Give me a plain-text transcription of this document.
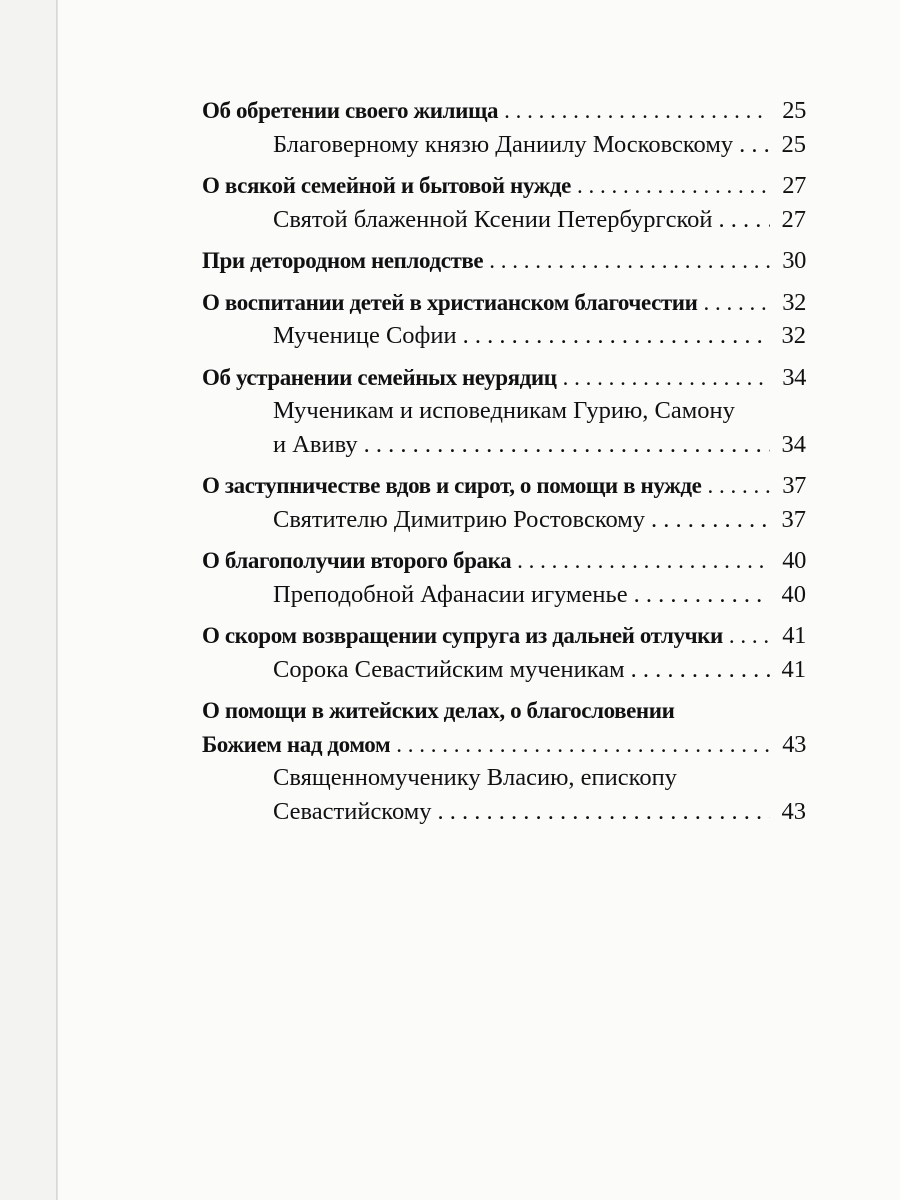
Об обретении своего жилища . . .	25
Благоверному князю Даниилу Московскому . . . 25
О всякой семейной и бытовой нужде . . .	27
Святой блаженной Ксении Петербургской . . .	27
При детородном неплодстве . . .	30
О воспитании детей в христианском благочестии . . .	32
Мученице Софии . . .	32
Об устранении семейных неурядиц . . .	34
Мученикам и исповедникам Гурию, Самону
и Авиву . . .	34
О заступничестве вдов и сирот, о помощи в нужде . . .	37
Святителю Димитрию Ростовскому . . .	37
О благополучии второго брака . . .	40
Преподобной Афанасии игуменье . . .	40
О скором возвращении супруга из дальней отлучки . . . 41
Сорока Севастийским мученикам . . .	41
О помощи в житейских делах, о благословении
Божием над домом . . .	43
Священномученику Власию, епископу
Севастийскому . . .	43
